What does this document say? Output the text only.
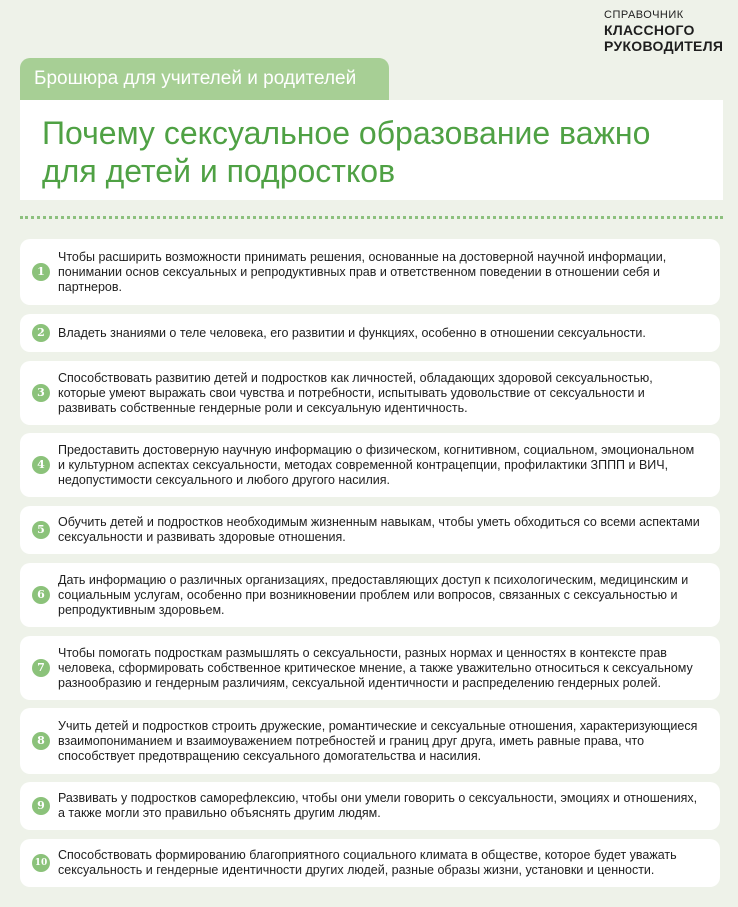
СПРАВОЧНИК
КЛАССНОГО
РУКОВОДИТЕЛЯ
Брошюра для учителей и родителей
Почему сексуальное образование важно для детей и подростков
1
Чтобы расширить возможности принимать решения, основанные на достоверной научной информации, понимании основ сексуальных и репродуктивных прав и ответственном поведении в отношении себя и партнеров.
2	Владеть знаниями о теле человека, его развитии и функциях, особенно в отношении сексуальности.
3
Способствовать развитию детей и подростков как личностей, обладающих здоровой сексуальностью, которые умеют выражать свои чувства и потребности, испытывать удовольствие от сексуальности и развивать собственные гендерные роли и сексуальную идентичность.
4
Предоставить достоверную научную информацию о физическом, когнитивном, социальном, эмоциональном и культурном аспектах сексуальности, методах современной контрацепции, профилактики ЗППП и ВИЧ, недопустимости сексуального и любого другого насилия.
5
Обучить детей и подростков необходимым жизненным навыкам, чтобы уметь обходиться со всеми аспектами сексуальности и развивать здоровые отношения.
6
Дать информацию о различных организациях, предоставляющих доступ к психологическим, медицинским и социальным услугам, особенно при возникновении проблем или вопросов, связанных с сексуальностью и репродуктивным здоровьем.
7
Чтобы помогать подросткам размышлять о сексуальности, разных нормах и ценностях в контексте прав человека, сформировать собственное критическое мнение, а также уважительно относиться к сексуальному разнообразию и гендерным различиям, сексуальной идентичности и распределению гендерных ролей.
8
Учить детей и подростков строить дружеские, романтические и сексуальные отношения, характеризующиеся взаимопониманием и взаимоуважением потребностей и границ друг друга, иметь равные права, что способствует предотвращению сексуального домогательства и насилия.
9
Развивать у подростков саморефлексию, чтобы они умели говорить о сексуальности, эмоциях и отношениях, а также могли это правильно объяснять другим людям.
10
Способствовать формированию благоприятного социального климата в обществе, которое будет уважать сексуальность и гендерные идентичности других людей, разные образы жизни, установки и ценности.
